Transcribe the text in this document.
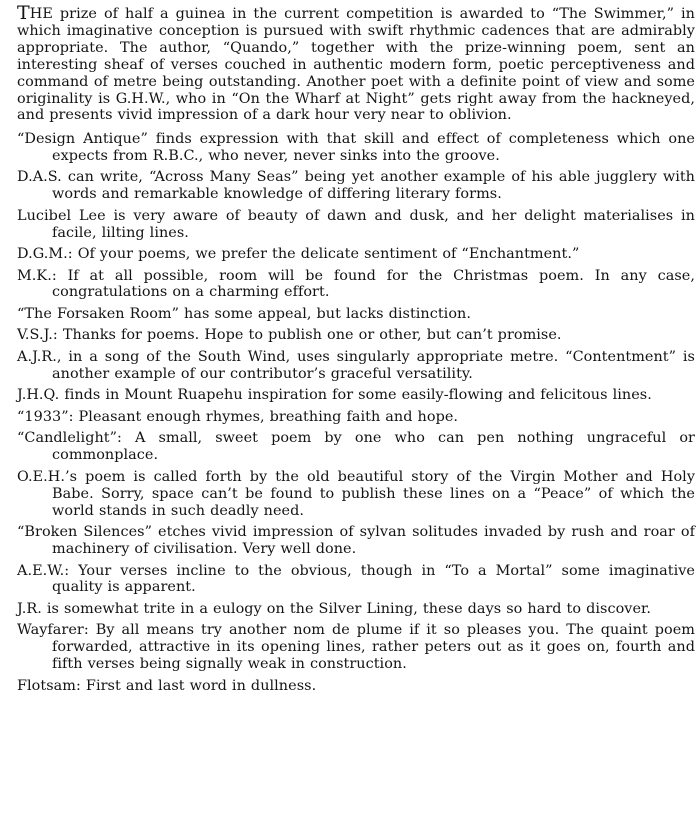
THE prize of half a guinea in the current competition is awarded to “The Swimmer,” in which imaginative conception is pursued with swift rhythmic cadences that are admirably appropriate. The author, “Quando,” together with the prize-winning poem, sent an interesting sheaf of verses couched in authentic modern form, poetic perceptiveness and command of metre being outstanding. Another poet with a definite point of view and some originality is G.H.W., who in “On the Wharf at Night” gets right away from the hackneyed, and presents vivid impression of a dark hour very near to oblivion.

“Design Antique” finds expression with that skill and effect of completeness which one expects from R.B.C., who never, never sinks into the groove.

D.A.S. can write, “Across Many Seas” being yet another example of his able jugglery with words and remarkable knowledge of differing literary forms.

Lucibel Lee is very aware of beauty of dawn and dusk, and her delight materialises in facile, lilting lines.

D.G.M.: Of your poems, we prefer the delicate sentiment of “Enchantment.”

M.K.: If at all possible, room will be found for the Christmas poem. In any case, congratulations on a charming effort.

“The Forsaken Room” has some appeal, but lacks distinction.

V.S.J.: Thanks for poems. Hope to publish one or other, but can’t promise.

A.J.R., in a song of the South Wind, uses singularly appropriate metre. “Contentment” is another example of our contributor’s graceful versatility.

J.H.Q. finds in Mount Ruapehu inspiration for some easily-flowing and felicitous lines.

“1933”: Pleasant enough rhymes, breathing faith and hope.

“Candlelight”: A small, sweet poem by one who can pen nothing ungraceful or commonplace.

O.E.H.’s poem is called forth by the old beautiful story of the Virgin Mother and Holy Babe. Sorry, space can’t be found to publish these lines on a “Peace” of which the world stands in such deadly need.

“Broken Silences” etches vivid impression of sylvan solitudes invaded by rush and roar of machinery of civilisation. Very well done.

A.E.W.: Your verses incline to the obvious, though in “To a Mortal” some imaginative quality is apparent.

J.R. is somewhat trite in a eulogy on the Silver Lining, these days so hard to discover.

Wayfarer: By all means try another nom de plume if it so pleases you. The quaint poem forwarded, attractive in its opening lines, rather peters out as it goes on, fourth and fifth verses being signally weak in construction.

Flotsam: First and last word in dullness.
